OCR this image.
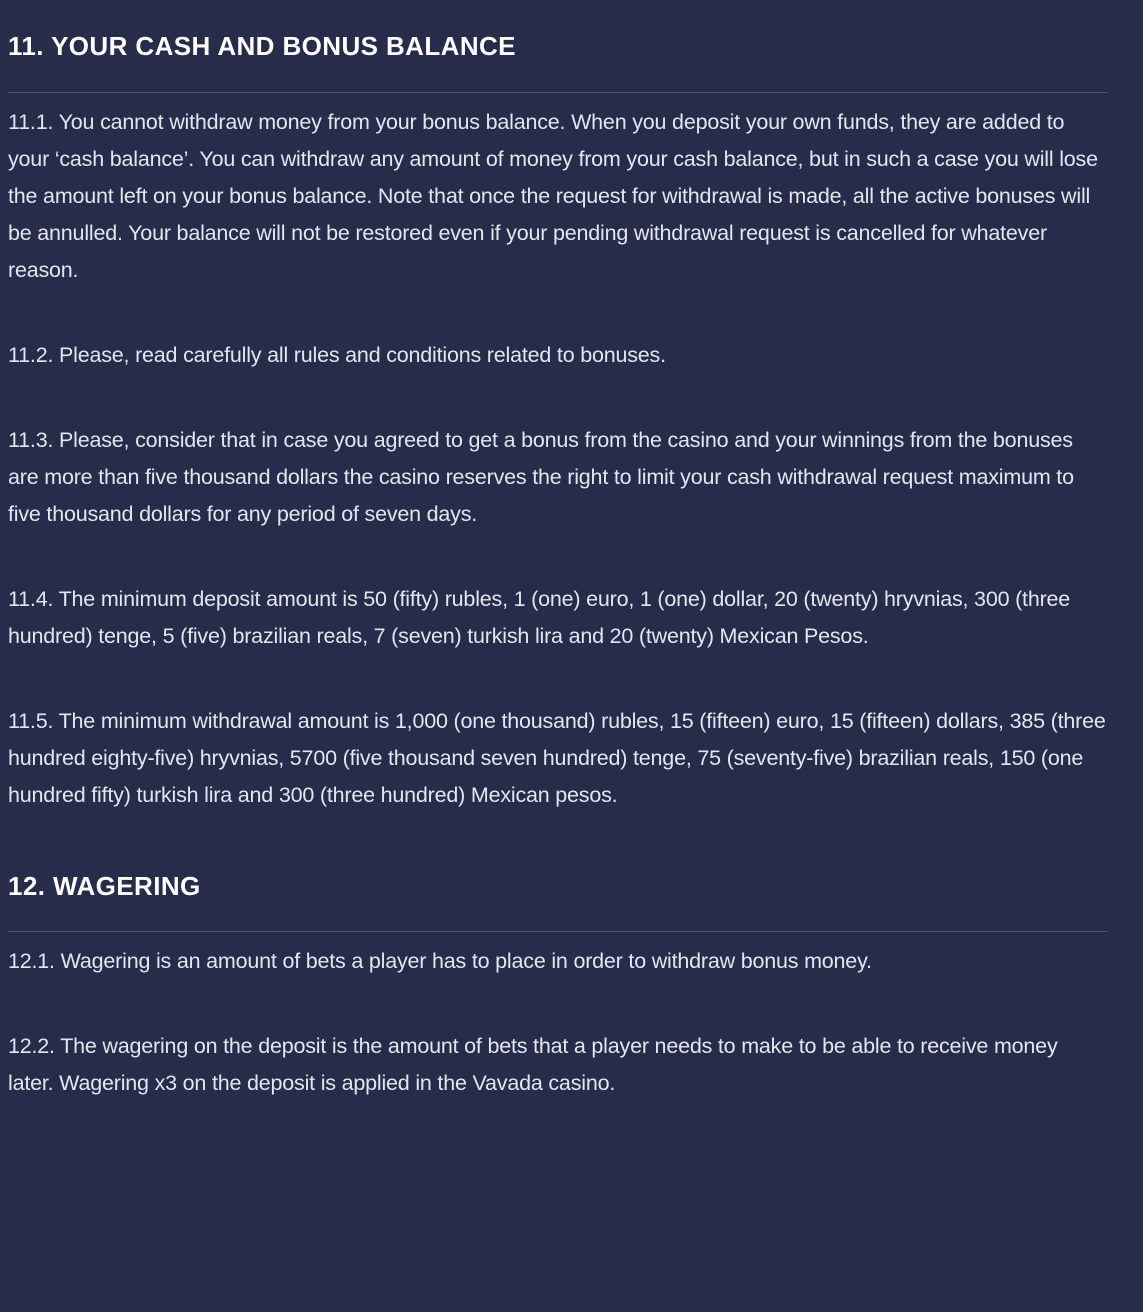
11. YOUR CASH AND BONUS BALANCE

11.1. You cannot withdraw money from your bonus balance. When you deposit your own funds, they are added to your ‘cash balance’. You can withdraw any amount of money from your cash balance, but in such a case you will lose the amount left on your bonus balance. Note that once the request for withdrawal is made, all the active bonuses will be annulled. Your balance will not be restored even if your pending withdrawal request is cancelled for whatever reason.

11.2. Please, read carefully all rules and conditions related to bonuses.

11.3. Please, consider that in case you agreed to get a bonus from the casino and your winnings from the bonuses are more than five thousand dollars the casino reserves the right to limit your cash withdrawal request maximum to five thousand dollars for any period of seven days.

11.4. The minimum deposit amount is 50 (fifty) rubles, 1 (one) euro, 1 (one) dollar, 20 (twenty) hryvnias, 300 (three hundred) tenge, 5 (five) brazilian reals, 7 (seven) turkish lira and 20 (twenty) Mexican Pesos.

11.5. The minimum withdrawal amount is 1,000 (one thousand) rubles, 15 (fifteen) euro, 15 (fifteen) dollars, 385 (three hundred eighty-five) hryvnias, 5700 (five thousand seven hundred) tenge, 75 (seventy-five) brazilian reals, 150 (one hundred fifty) turkish lira and 300 (three hundred) Mexican pesos.

12. WAGERING

12.1. Wagering is an amount of bets a player has to place in order to withdraw bonus money.

12.2. The wagering on the deposit is the amount of bets that a player needs to make to be able to receive money later. Wagering x3 on the deposit is applied in the Vavada casino.
